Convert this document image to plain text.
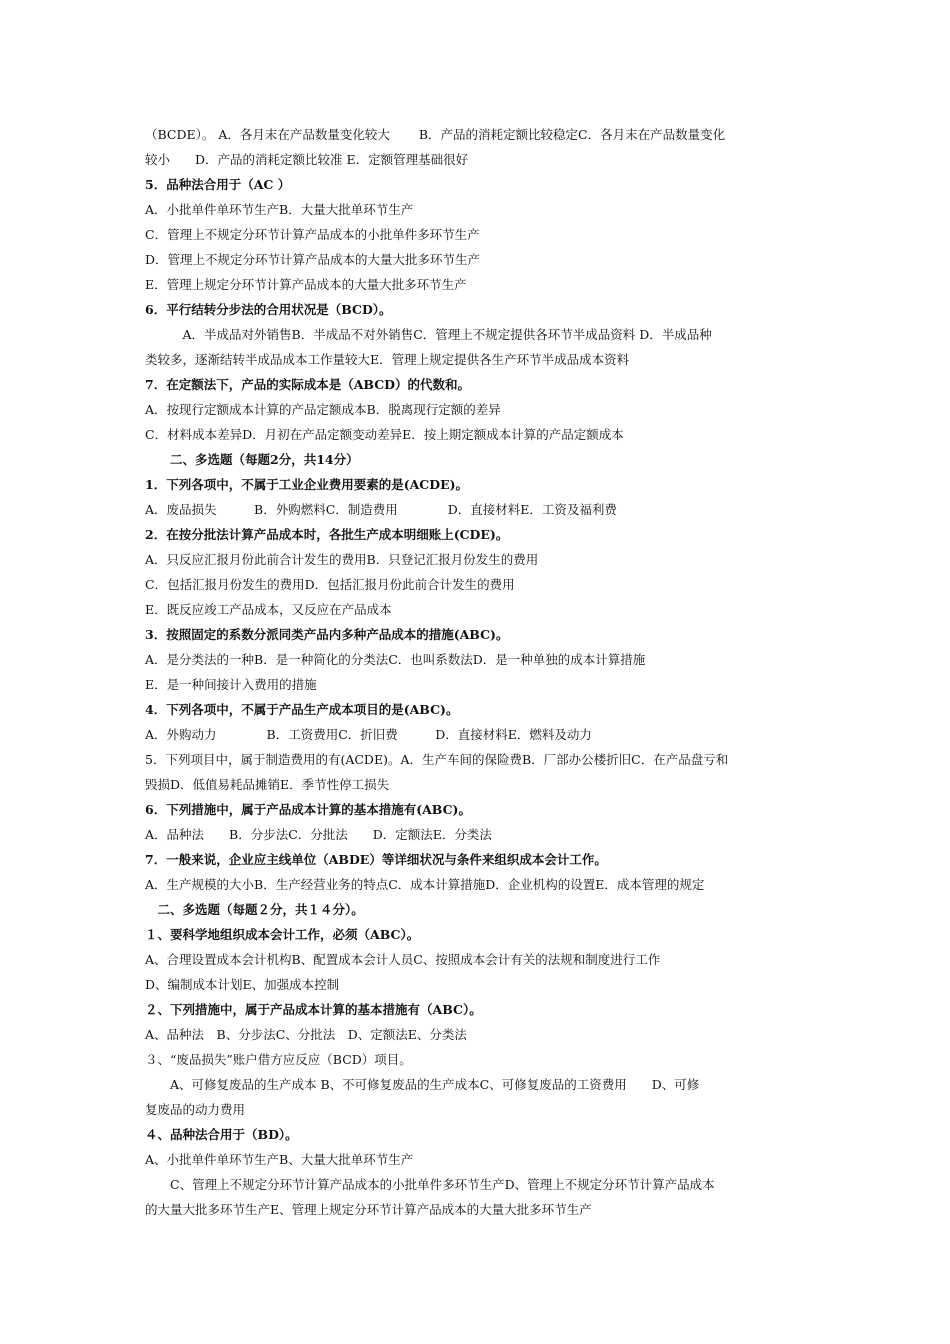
（BCDE）。 A．各月末在产品数量变化较大　　 B．产品的消耗定额比较稳定C．各月末在产品数量变化
较小　　D．产品的消耗定额比较准 E．定额管理基础很好
5．品种法合用于（AC ）
A．小批单件单环节生产B．大量大批单环节生产
C．管理上不规定分环节计算产品成本的小批单件多环节生产
D．管理上不规定分环节计算产品成本的大量大批多环节生产
E．管理上规定分环节计算产品成本的大量大批多环节生产
6．平行结转分步法的合用状况是（BCD）。
　　　A．半成品对外销售B．半成品不对外销售C．管理上不规定提供各环节半成品资料 D．半成品种
类较多，逐渐结转半成品成本工作量较大E．管理上规定提供各生产环节半成品成本资料
7．在定额法下，产品的实际成本是（ABCD）的代数和。
A．按现行定额成本计算的产品定额成本B．脱离现行定额的差异
C．材料成本差异D．月初在产品定额变动差异E．按上期定额成本计算的产品定额成本
　　二、多选题（每题2分，共14分）
1．下列各项中，不属于工业企业费用要素的是(ACDE)。
A．废品损失　　　B．外购燃料C．制造费用　　　　D．直接材料E．工资及福利费
2．在按分批法计算产品成本时，各批生产成本明细账上(CDE)。
A．只反应汇报月份此前合计发生的费用B．只登记汇报月份发生的费用
C．包括汇报月份发生的费用D．包括汇报月份此前合计发生的费用
E．既反应竣工产品成本，又反应在产品成本
3．按照固定的系数分派同类产品内多种产品成本的措施(ABC)。
A．是分类法的一种B．是一种简化的分类法C．也叫系数法D．是一种单独的成本计算措施
E．是一种间接计入费用的措施
4．下列各项中，不属于产品生产成本项目的是(ABC)。
A．外购动力　　　　B．工资费用C．折旧费　　　D．直接材料E．燃料及动力
5．下列项目中，属于制造费用的有(ACDE)。A．生产车间的保险费B．厂部办公楼折旧C．在产品盘亏和
毁损D．低值易耗品摊销E．季节性停工损失
6．下列措施中，属于产品成本计算的基本措施有(ABC)。
A．品种法　　B．分步法C．分批法　　D．定额法E．分类法
7．一般来说，企业应主线单位（ABDE）等详细状况与条件来组织成本会计工作。
A．生产规模的大小B．生产经营业务的特点C．成本计算措施D．企业机构的设置E．成本管理的规定
　二、多选题（每题２分，共１４分）。
１、要科学地组织成本会计工作，必须（ABC）。
A、合理设置成本会计机构B、配置成本会计人员C、按照成本会计有关的法规和制度进行工作
D、编制成本计划E、加强成本控制
２、下列措施中，属于产品成本计算的基本措施有（ABC）。
A、品种法　B、分步法C、分批法　D、定额法E、分类法
３、“废品损失”账户借方应反应（BCD）项目。
　　A、可修复废品的生产成本 B、不可修复废品的生产成本C、可修复废品的工资费用　　D、可修
复废品的动力费用
４、品种法合用于（BD）。
A、小批单件单环节生产B、大量大批单环节生产
　　C、管理上不规定分环节计算产品成本的小批单件多环节生产D、管理上不规定分环节计算产品成本
的大量大批多环节生产E、管理上规定分环节计算产品成本的大量大批多环节生产
